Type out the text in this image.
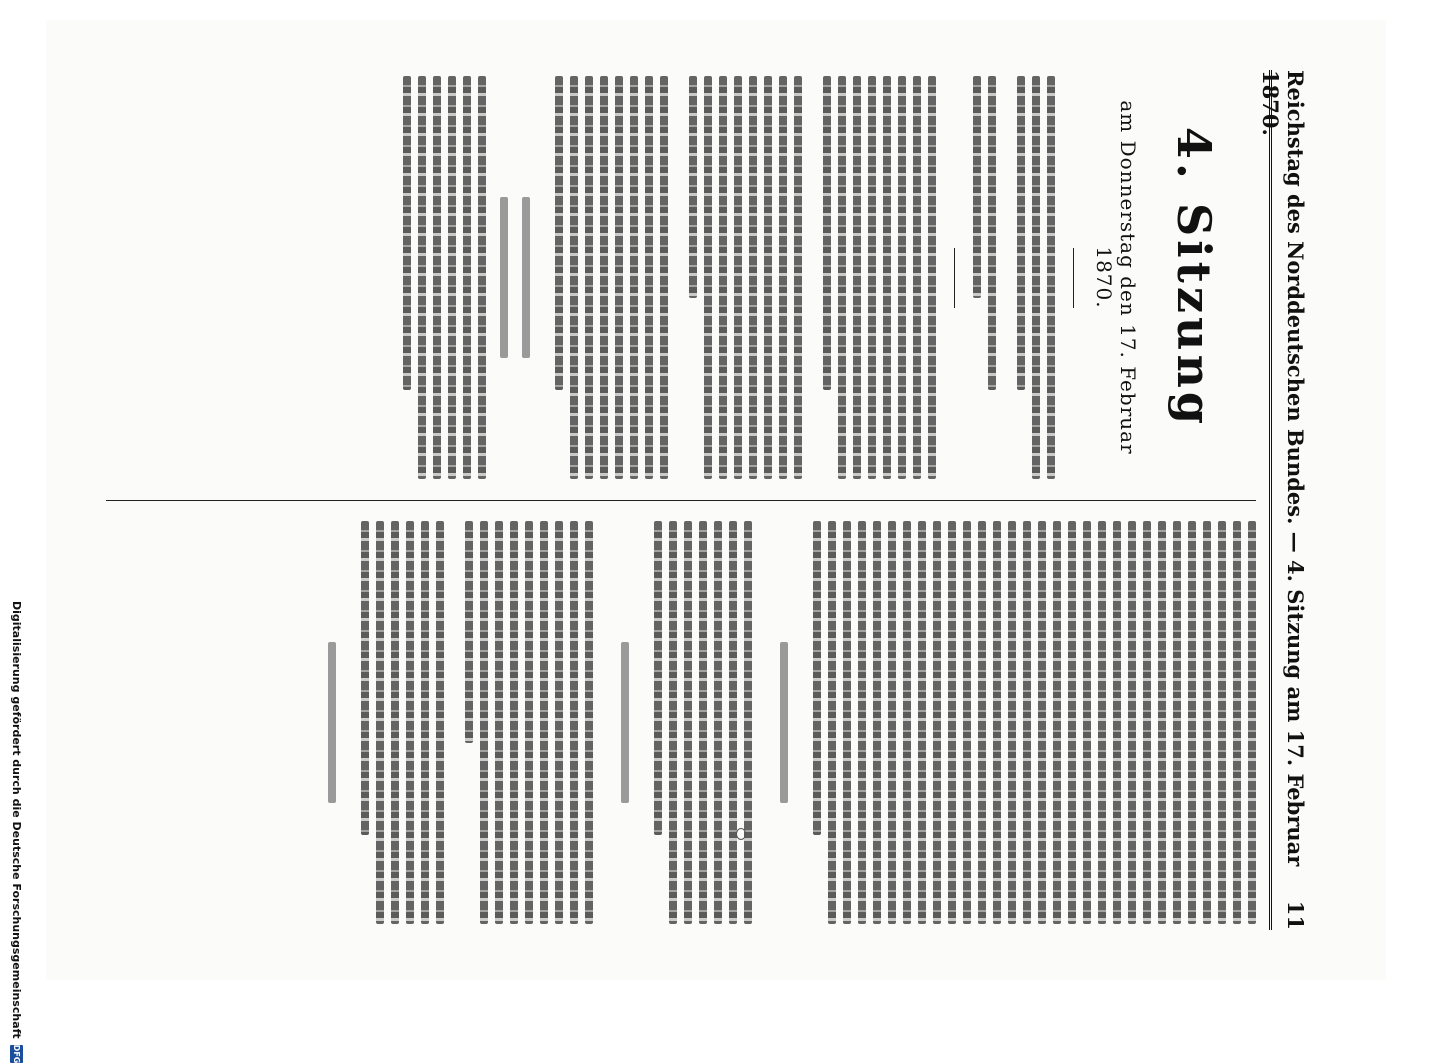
Reichstag des Norddeutschen Bundes. — 4. Sitzung am 17. Februar 1870.
11
4. Sitzung
am Donnerstag den 17. Februar 1870.
Digitalisierung gefördert durch die Deutsche Forschungsgemeinschaft
DFG
